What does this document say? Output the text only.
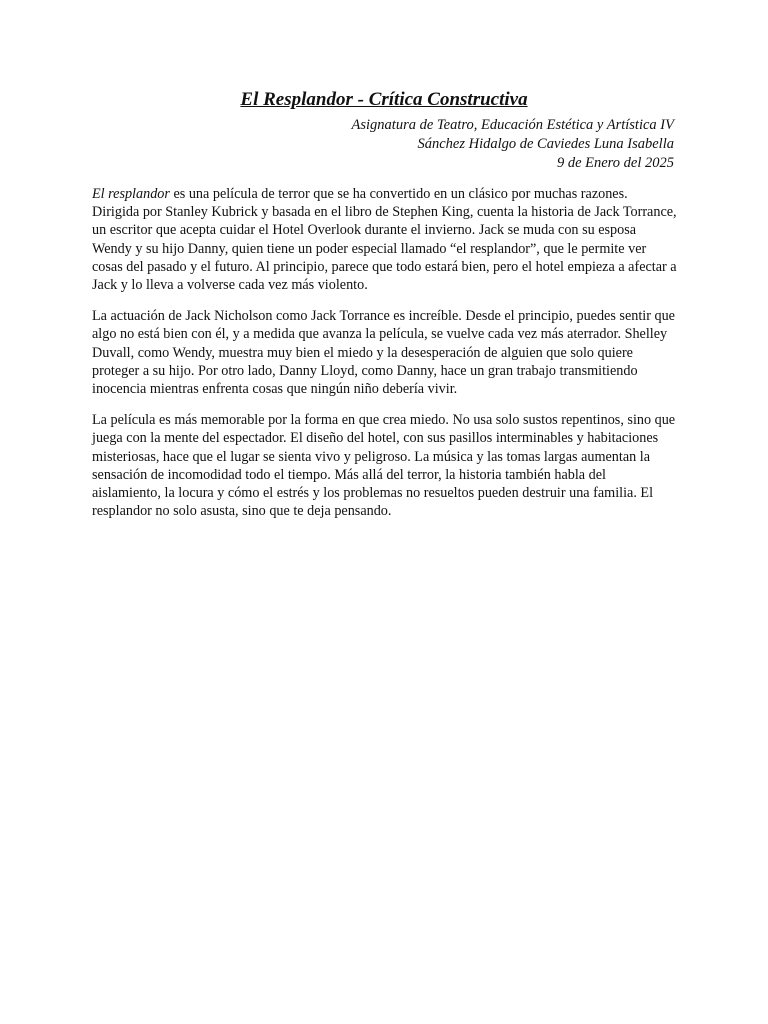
El Resplandor - Crítica Constructiva
Asignatura de Teatro, Educación Estética y Artística IV
Sánchez Hidalgo de Caviedes Luna Isabella
9 de Enero del 2025

El resplandor es una película de terror que se ha convertido en un clásico por muchas razones. Dirigida por Stanley Kubrick y basada en el libro de Stephen King, cuenta la historia de Jack Torrance, un escritor que acepta cuidar el Hotel Overlook durante el invierno. Jack se muda con su esposa Wendy y su hijo Danny, quien tiene un poder especial llamado “el resplandor”, que le permite ver cosas del pasado y el futuro. Al principio, parece que todo estará bien, pero el hotel empieza a afectar a Jack y lo lleva a volverse cada vez más violento.

La actuación de Jack Nicholson como Jack Torrance es increíble. Desde el principio, puedes sentir que algo no está bien con él, y a medida que avanza la película, se vuelve cada vez más aterrador. Shelley Duvall, como Wendy, muestra muy bien el miedo y la desesperación de alguien que solo quiere proteger a su hijo. Por otro lado, Danny Lloyd, como Danny, hace un gran trabajo transmitiendo inocencia mientras enfrenta cosas que ningún niño debería vivir.

La película es más memorable por la forma en que crea miedo. No usa solo sustos repentinos, sino que juega con la mente del espectador. El diseño del hotel, con sus pasillos interminables y habitaciones misteriosas, hace que el lugar se sienta vivo y peligroso. La música y las tomas largas aumentan la sensación de incomodidad todo el tiempo. Más allá del terror, la historia también habla del aislamiento, la locura y cómo el estrés y los problemas no resueltos pueden destruir una familia. El resplandor no solo asusta, sino que te deja pensando.
